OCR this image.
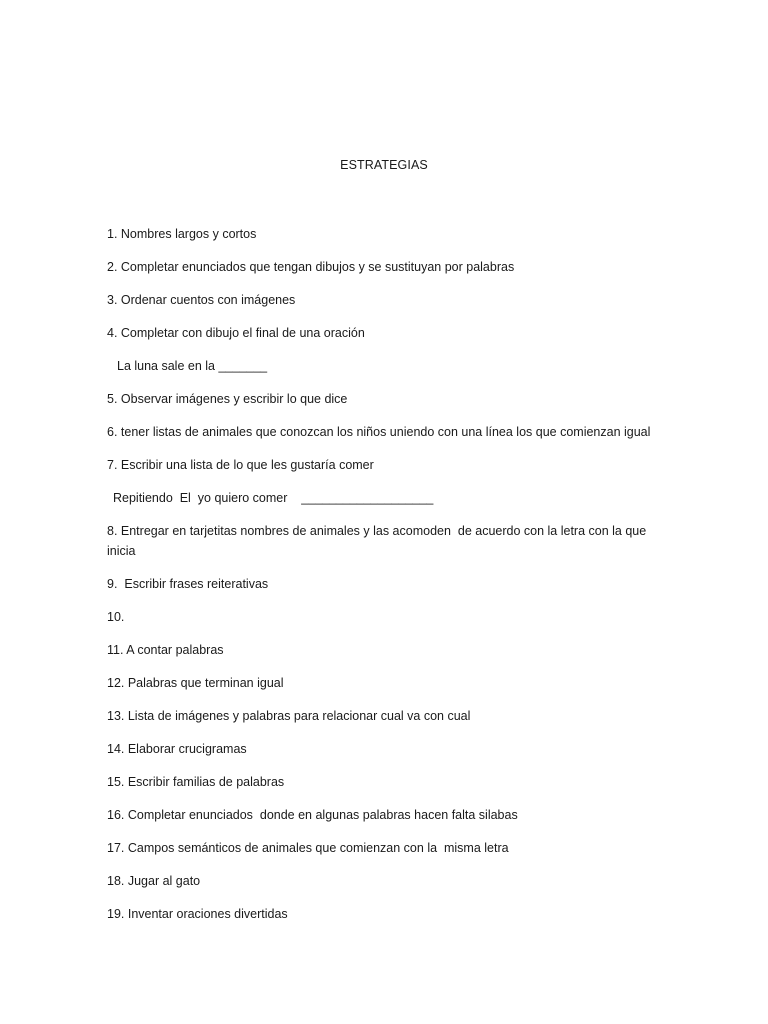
ESTRATEGIAS
1. Nombres largos y cortos
2. Completar enunciados que tengan dibujos y se sustituyan por palabras
3. Ordenar cuentos con imágenes
4. Completar con dibujo el final de una oración
La luna sale en la _______
5. Observar imágenes y escribir lo que dice
6. tener listas de animales que conozcan los niños uniendo con una línea los que comienzan igual
7. Escribir una lista de lo que les gustaría comer
Repitiendo  El  yo quiero comer    ___________________
8. Entregar en tarjetitas nombres de animales y las acomoden  de acuerdo con la letra con la que inicia
9.  Escribir frases reiterativas
10.
11. A contar palabras
12. Palabras que terminan igual
13. Lista de imágenes y palabras para relacionar cual va con cual
14. Elaborar crucigramas
15. Escribir familias de palabras
16. Completar enunciados  donde en algunas palabras hacen falta silabas
17. Campos semánticos de animales que comienzan con la  misma letra
18. Jugar al gato
19. Inventar oraciones divertidas
